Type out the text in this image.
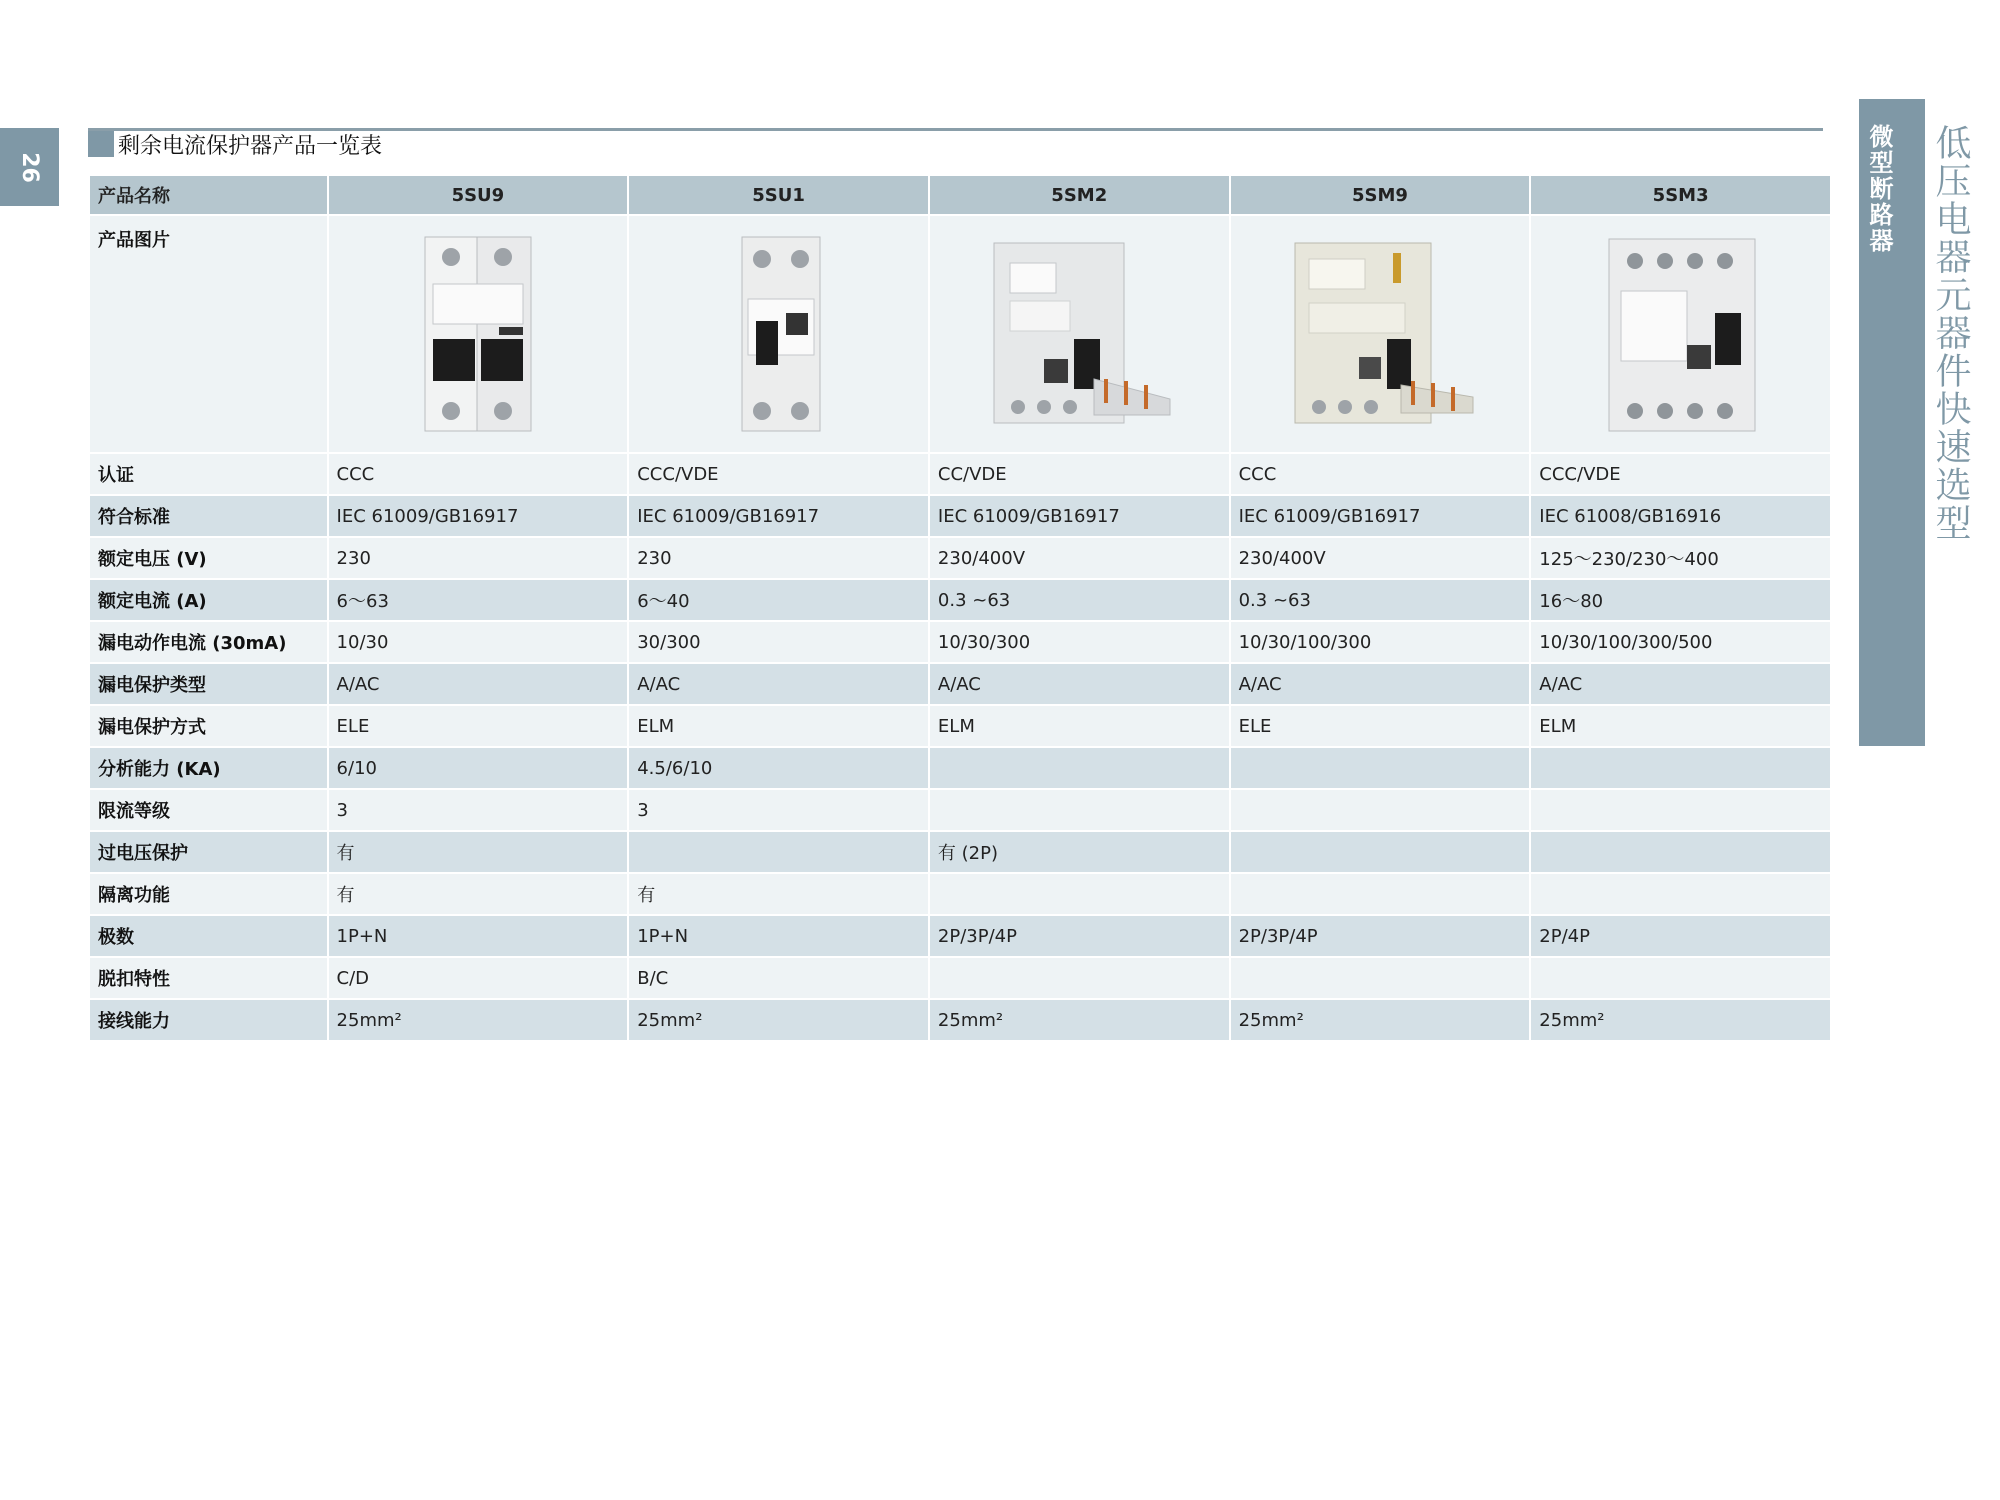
26
剩余电流保护器产品一览表	微型断路器 低压电器元器件快速选型
产品名称	5SU9	5SU1	5SM2	5SM9	5SM3
产品图片	

认证	CCC	CCC/VDE	CC/VDE	CCC	CCC/VDE
符合标准	IEC 61009/GB16917	IEC 61009/GB16917	IEC 61009/GB16917	IEC 61009/GB16917	IEC 61008/GB16916
额定电压 (V)	230	230	230/400V	230/400V	125～230/230～400
额定电流 (A)	6～63	6～40	0.3 ~63	0.3 ~63	16～80
漏电动作电流 (30mA)	10/30	30/300	10/30/300	10/30/100/300	10/30/100/300/500
漏电保护类型	A/AC	A/AC	A/AC	A/AC	A/AC
漏电保护方式	ELE	ELM	ELM	ELE	ELM
分析能力 (KA)	6/10	4.5/6/10			
限流等级	3	3			
过电压保护	有		有 (2P)		
隔离功能	有	有			
极数	1P+N	1P+N	2P/3P/4P	2P/3P/4P	2P/4P
脱扣特性	C/D	B/C			
接线能力	25mm²	25mm²	25mm²	25mm²	25mm²
